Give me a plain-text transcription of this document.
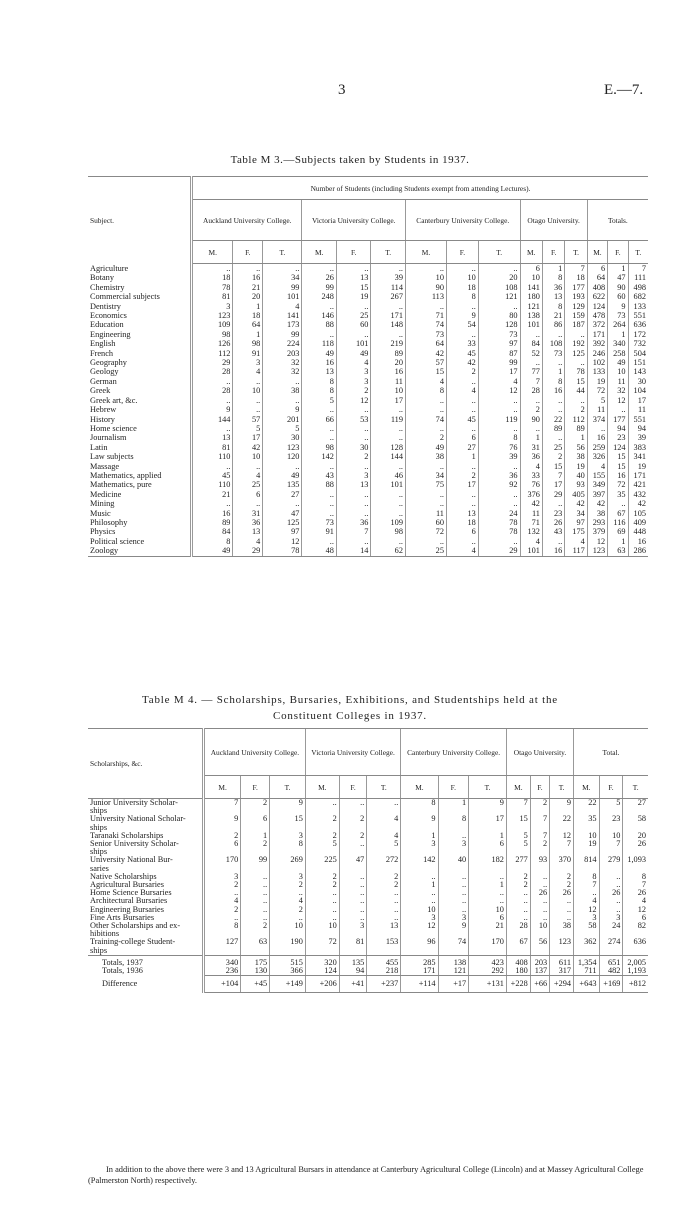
3	E.—7.
Table M 3.—Subjects taken by Students in 1937.
Subject.	Number of Students (including Students exempt from attending Lectures).														
	Auckland University College.			Victoria University College.			Canterbury University College.			Otago University.			Totals.		
	M.	F.	T.	M.	F.	T.	M.	F.	T.	M.	F.	T.	M.	F.	T.
Agriculture	..	..	..	..	..	..	..	..	..	6	1	7	6	1	7
Botany	18	16	34	26	13	39	10	10	20	10	8	18	64	47	111
Chemistry	78	21	99	99	15	114	90	18	108	141	36	177	408	90	498
Commercial subjects	81	20	101	248	19	267	113	8	121	180	13	193	622	60	682
Dentistry	3	1	4	..	..	..	..	..	..	121	8	129	124	9	133
Economics	123	18	141	146	25	171	71	9	80	138	21	159	478	73	551
Education	109	64	173	88	60	148	74	54	128	101	86	187	372	264	636
Engineering	98	1	99	..	..	..	73	..	73	..	..	..	171	1	172
English	126	98	224	118	101	219	64	33	97	84	108	192	392	340	732
French	112	91	203	49	49	89	42	45	87	52	73	125	246	258	504
Geography	29	3	32	16	4	20	57	42	99	..	..	..	102	49	151
Geology	28	4	32	13	3	16	15	2	17	77	1	78	133	10	143
German	..	..	..	8	3	11	4	..	4	7	8	15	19	11	30
Greek	28	10	38	8	2	10	8	4	12	28	16	44	72	32	104
Greek art, &c.	..	..	..	5	12	17	..	..	..	..	..	..	5	12	17
Hebrew	9	..	9	..	..	..	..	..	..	2	..	2	11	..	11
History	144	57	201	66	53	119	74	45	119	90	22	112	374	177	551
Home science	..	5	5	..	..	..	..	..	..	..	89	89	..	94	94
Journalism	13	17	30	..	..	..	2	6	8	1	..	1	16	23	39
Latin	81	42	123	98	30	128	49	27	76	31	25	56	259	124	383
Law subjects	110	10	120	142	2	144	38	1	39	36	2	38	326	15	341
Massage	..	..	..	..	..	..	..	..	..	4	15	19	4	15	19
Mathematics, applied	45	4	49	43	3	46	34	2	36	33	7	40	155	16	171
Mathematics, pure	110	25	135	88	13	101	75	17	92	76	17	93	349	72	421
Medicine	21	6	27	..	..	..	..	..	..	376	29	405	397	35	432
Mining	..	..	..	..	..	..	..	..	..	42	..	42	42	..	42
Music	16	31	47	..	..	..	11	13	24	11	23	34	38	67	105
Philosophy	89	36	125	73	36	109	60	18	78	71	26	97	293	116	409
Physics	84	13	97	91	7	98	72	6	78	132	43	175	379	69	448
Political science	8	4	12	..	..	..	..	..	..	4	..	4	12	1	16
Zoology	49	29	78	48	14	62	25	4	29	101	16	117	123	63	286
Table M 4. — Scholarships, Bursaries, Exhibitions, and Studentships held at the
Constituent Colleges in 1937.
Scholarships, &c.	Auckland University College.			Victoria University College.			Canterbury University College.			Otago University.			Total.		
	M.	F.	T.	M.	F.	T.	M.	F.	T.	M.	F.	T.	M.	F.	T.
Junior University Scholar-	7	2	9	..	..	..	8	1	9	7	2	9	22	5	27
ships															
University National Scholar-	9	6	15	2	2	4	9	8	17	15	7	22	35	23	58
ships															
Taranaki Scholarships	2	1	3	2	2	4	1	..	1	5	7	12	10	10	20
Senior University Scholar-	6	2	8	5	..	5	3	3	6	5	2	7	19	7	26
ships															
University National Bur-	170	99	269	225	47	272	142	40	182	277	93	370	814	279	1,093
saries															
Native Scholarships	3	..	3	2	..	2	..	..	..	2	..	2	8	..	8
Agricultural Bursaries	2	..	2	2	..	2	1	..	1	2	..	2	7	..	7
Home Science Bursaries	..	..	..	..	..	..	..	..	..	..	26	26	..	26	26
Architectural Bursaries	4	..	4	..	..	..	..	..	..	..	..	..	4	..	4
Engineering Bursaries	2	..	2	..	..	..	10	..	10	..	..	..	12	..	12
Fine Arts Bursaries	..	..	..	..	..	..	3	3	6	..	..	..	3	3	6
Other Scholarships and ex-	8	2	10	10	3	13	12	9	21	28	10	38	58	24	82
hibitions															
Training-college Student-	127	63	190	72	81	153	96	74	170	67	56	123	362	274	636
ships															
Totals, 1937	340	175	515	320	135	455	285	138	423	408	203	611	1,354	651	2,005
Totals, 1936	236	130	366	124	94	218	171	121	292	180	137	317	711	482	1,193
Difference	+104	+45	+149	+206	+41	+237	+114	+17	+131	+228	+66	+294	+643	+169	+812
In addition to the above there were 3 and 13 Agricultural Bursars in attendance at Canterbury Agricultural College (Lincoln) and at Massey Agricultural College (Palmerston North) respectively.
